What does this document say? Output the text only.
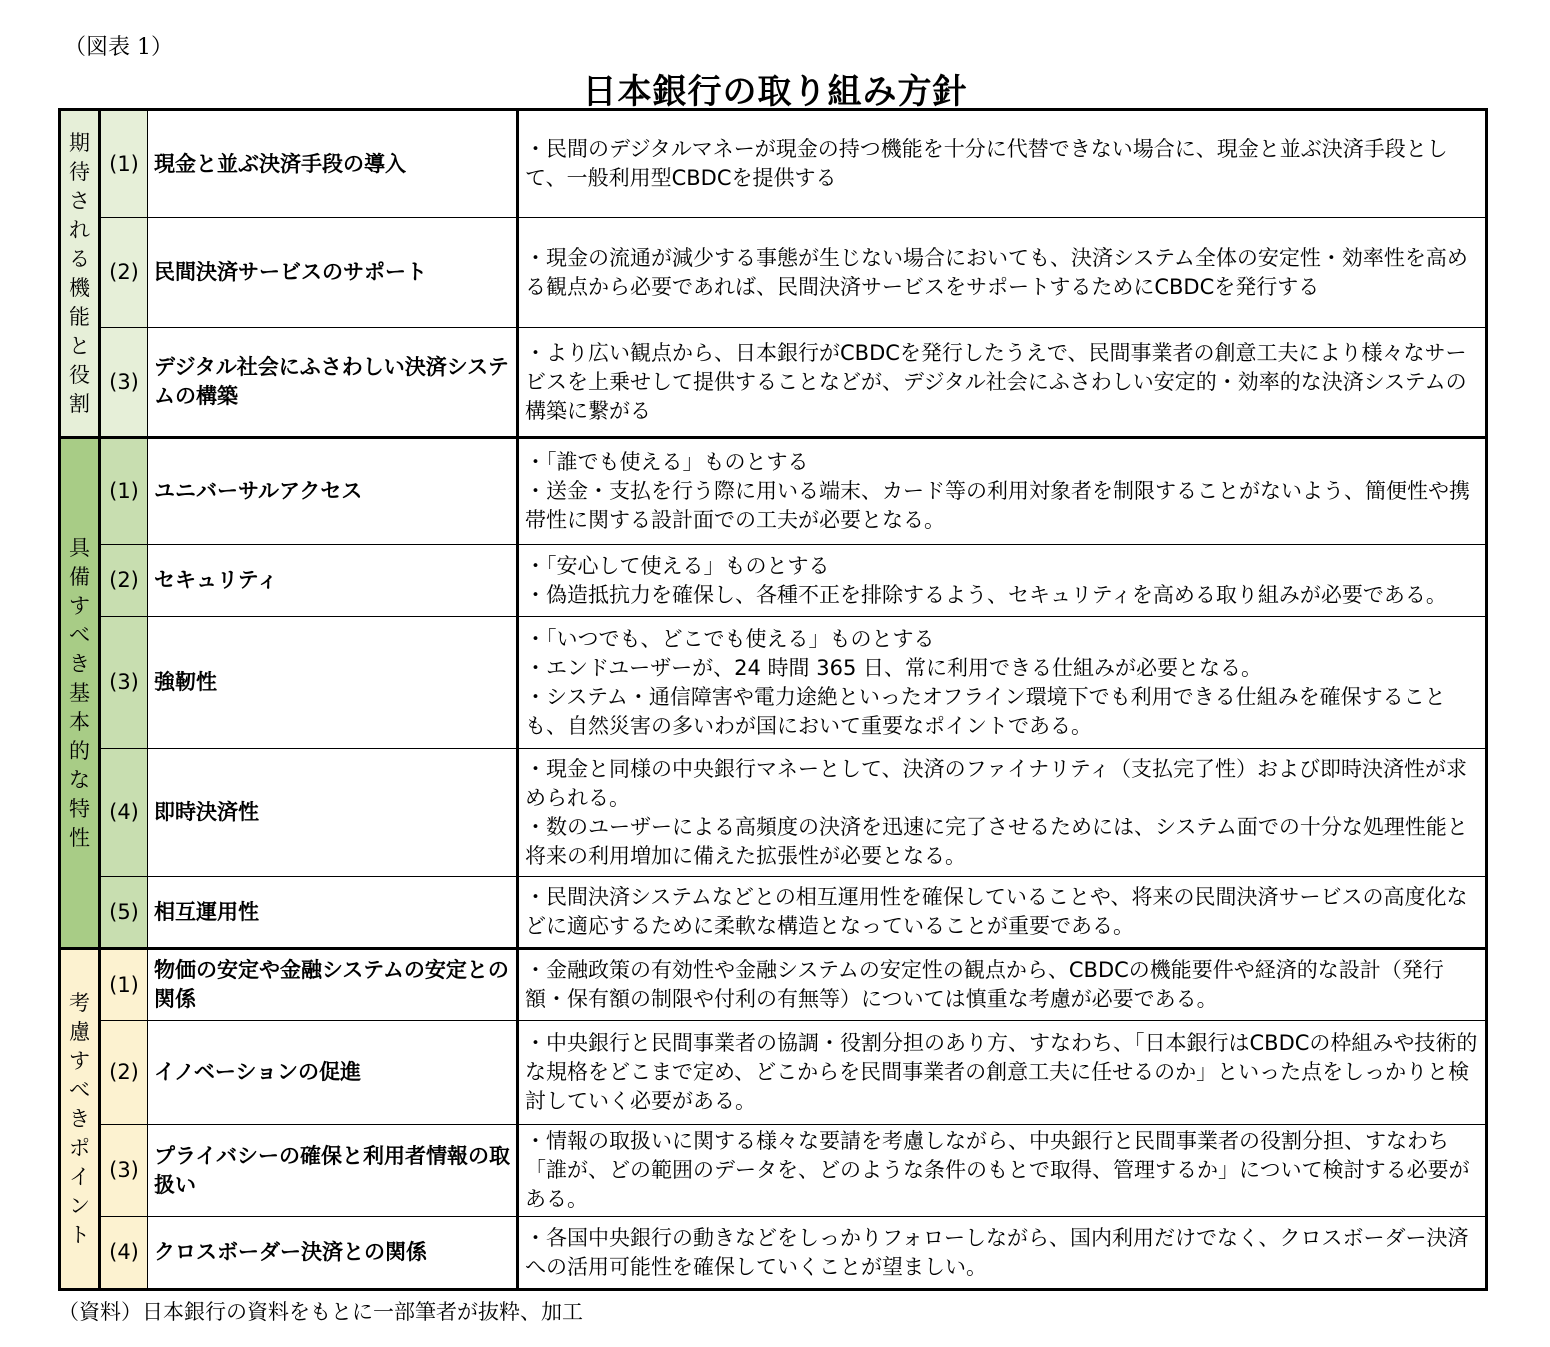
（図表 1）
日本銀行の取り組み方針
期待される機能と役割	(1)	現金と並ぶ決済手段の導入	・民間のデジタルマネーが現金の持つ機能を十分に代替できない場合に、現金と並ぶ決済手段として、一般利用型CBDCを提供する

	(2)	民間決済サービスのサポート	・現金の流通が減少する事態が生じない場合においても、決済システム全体の安定性・効率性を高める観点から必要であれば、民間決済サービスをサポートするためにCBDCを発行する

	(3)	デジタル社会にふさわしい決済システムの構築	・より広い観点から、日本銀行がCBDCを発行したうえで、民間事業者の創意工夫により様々なサービスを上乗せして提供することなどが、デジタル社会にふさわしい安定的・効率的な決済システムの構築に繋がる

具備すべき基本的な特性	(1)	ユニバーサルアクセス	・「誰でも使える」ものとする
・送金・支払を行う際に用いる端末、カード等の利用対象者を制限することがないよう、簡便性や携帯性に関する設計面での工夫が必要となる。

	(2)	セキュリティ	・「安心して使える」ものとする
・偽造抵抗力を確保し、各種不正を排除するよう、セキュリティを高める取り組みが必要である。

	(3)	強靭性	・「いつでも、どこでも使える」ものとする
・エンドユーザーが、24 時間 365 日、常に利用できる仕組みが必要となる。
・システム・通信障害や電力途絶といったオフライン環境下でも利用できる仕組みを確保することも、自然災害の多いわが国において重要なポイントである。

	(4)	即時決済性	・現金と同様の中央銀行マネーとして、決済のファイナリティ（支払完了性）および即時決済性が求められる。
・数のユーザーによる高頻度の決済を迅速に完了させるためには、システム面での十分な処理性能と将来の利用増加に備えた拡張性が必要となる。

	(5)	相互運用性	・民間決済システムなどとの相互運用性を確保していることや、将来の民間決済サービスの高度化などに適応するために柔軟な構造となっていることが重要である。

考慮すべきポイント	(1)	物価の安定や金融システムの安定との関係	・金融政策の有効性や金融システムの安定性の観点から、CBDCの機能要件や経済的な設計（発行額・保有額の制限や付利の有無等）については慎重な考慮が必要である。

	(2)	イノベーションの促進	・中央銀行と民間事業者の協調・役割分担のあり方、すなわち、「日本銀行はCBDCの枠組みや技術的な規格をどこまで定め、どこからを民間事業者の創意工夫に任せるのか」といった点をしっかりと検討していく必要がある。

	(3)	プライバシーの確保と利用者情報の取扱い	・情報の取扱いに関する様々な要請を考慮しながら、中央銀行と民間事業者の役割分担、すなわち「誰が、どの範囲のデータを、どのような条件のもとで取得、管理するか」について検討する必要がある。

	(4)	クロスボーダー決済との関係	・各国中央銀行の動きなどをしっかりフォローしながら、国内利用だけでなく、クロスボーダー決済への活用可能性を確保していくことが望ましい。
（資料）日本銀行の資料をもとに一部筆者が抜粋、加工
